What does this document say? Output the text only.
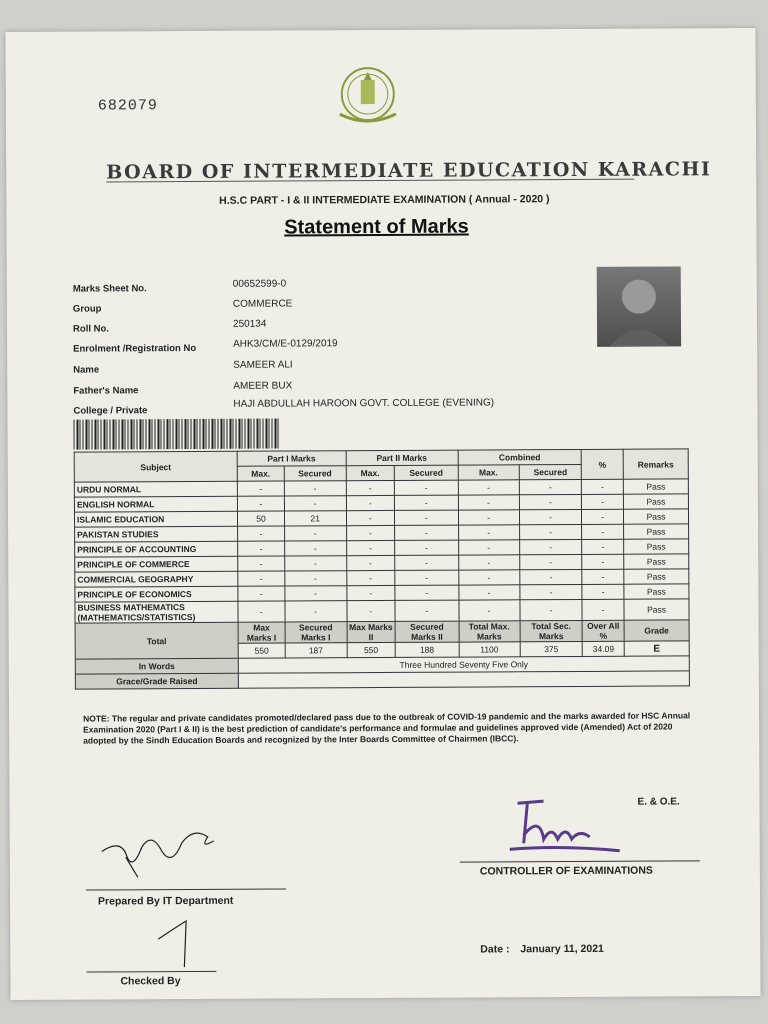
682079
BOARD OF INTERMEDIATE EDUCATION KARACHI
H.S.C PART - I & II INTERMEDIATE EXAMINATION ( Annual - 2020 )
Statement of Marks
Marks Sheet No.	00652599-0
Group	COMMERCE
Roll No.	250134
Enrolment /Registration No	AHK3/CM/E-0129/2019
Name	SAMEER ALI
Father's Name	AMEER BUX
College / Private
HAJI ABDULLAH HAROON GOVT. COLLEGE (EVENING)
Subject	Part I Marks		Part II Marks		Combined		%	Remarks
	Max.	Secured	Max.	Secured	Max.	Secured		
URDU NORMAL	-	-	-	-	-	-	-	Pass
ENGLISH NORMAL	-	-	-	-	-	-	-	Pass
ISLAMIC EDUCATION	50	21	-	-	-	-	-	Pass
PAKISTAN STUDIES	-	-	-	-	-	-	-	Pass
PRINCIPLE OF ACCOUNTING	-	-	-	-	-	-	-	Pass
PRINCIPLE OF COMMERCE	-	-	-	-	-	-	-	Pass
COMMERCIAL GEOGRAPHY	-	-	-	-	-	-	-	Pass
PRINCIPLE OF ECONOMICS	-	-	-	-	-	-	-	Pass
BUSINESS MATHEMATICS (MATHEMATICS/STATISTICS)	-	-	-	-	-	-	-	Pass
Total	Max Marks I	Secured Marks I	Max Marks II	Secured Marks II	Total Max. Marks	Total Sec. Marks	Over All %	Grade
	550	187	550	188	1100	375	34.09	E
In Words	Three Hundred Seventy Five Only							
Grace/Grade Raised								
NOTE: The regular and private candidates promoted/declared pass due to the outbreak of COVID-19 pandemic and the marks awarded for HSC Annual Examination 2020 (Part I & II) is the best prediction of candidate's performance and formulae and guidelines approved vide (Amended) Act of 2020 adopted by the Sindh Education Boards and recognized by the Inter Boards Committee of Chairmen (IBCC).
E. & O.E.
CONTROLLER OF EXAMINATIONS
Prepared By IT Department
Checked By
Date : January 11, 2021
